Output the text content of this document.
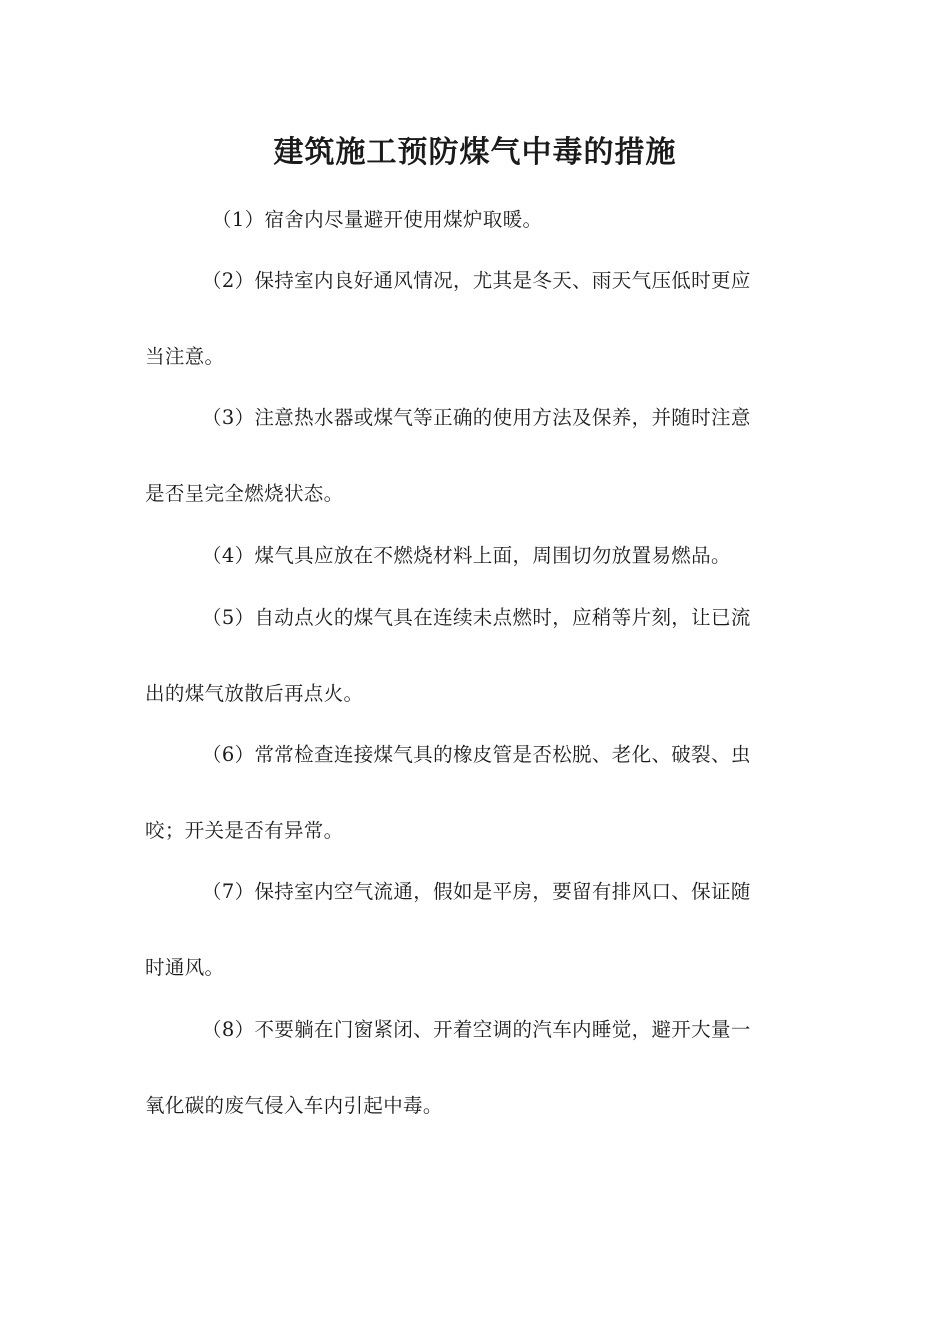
建筑施工预防煤气中毒的措施

（1）宿舍内尽量避开使用煤炉取暖。

（2）保持室内良好通风情况，尤其是冬天、雨天气压低时更应

当注意。

（3）注意热水器或煤气等正确的使用方法及保养，并随时注意

是否呈完全燃烧状态。

（4）煤气具应放在不燃烧材料上面，周围切勿放置易燃品。

（5）自动点火的煤气具在连续未点燃时，应稍等片刻，让已流

出的煤气放散后再点火。

（6）常常检查连接煤气具的橡皮管是否松脱、老化、破裂、虫

咬；开关是否有异常。

（7）保持室内空气流通，假如是平房，要留有排风口、保证随

时通风。

（8）不要躺在门窗紧闭、开着空调的汽车内睡觉，避开大量一

氧化碳的废气侵入车内引起中毒。
